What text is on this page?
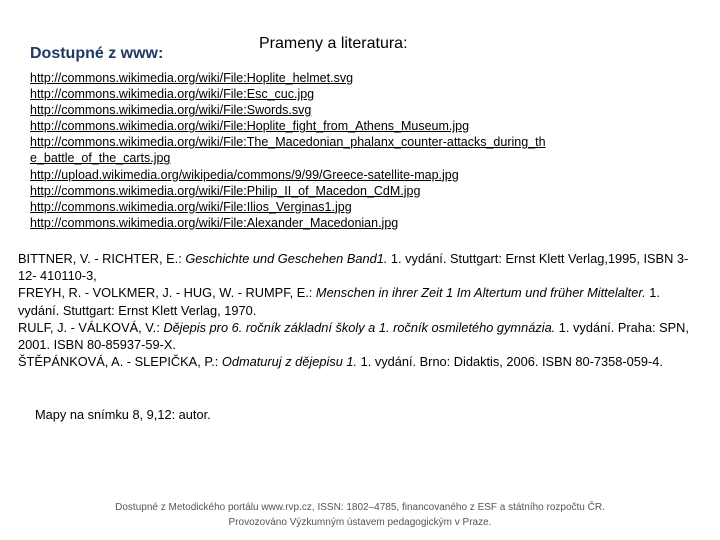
Prameny a literatura:
Dostupné z www:
http://commons.wikimedia.org/wiki/File:Hoplite_helmet.svg
http://commons.wikimedia.org/wiki/File:Esc_cuc.jpg
http://commons.wikimedia.org/wiki/File:Swords.svg
http://commons.wikimedia.org/wiki/File:Hoplite_fight_from_Athens_Museum.jpg
http://commons.wikimedia.org/wiki/File:The_Macedonian_phalanx_counter-attacks_during_the_battle_of_the_carts.jpg
http://upload.wikimedia.org/wikipedia/commons/9/99/Greece-satellite-map.jpg
http://commons.wikimedia.org/wiki/File:Philip_II_of_Macedon_CdM.jpg
http://commons.wikimedia.org/wiki/File:Ilios_Verginas1.jpg
http://commons.wikimedia.org/wiki/File:Alexander_Macedonian.jpg

BITTNER, V. - RICHTER, E.: Geschichte und Geschehen Band1. 1. vydání. Stuttgart: Ernst Klett Verlag,1995, ISBN 3-12- 410110-3,

FREYH, R. - VOLKMER, J. - HUG, W. - RUMPF, E.: Menschen in ihrer Zeit 1 Im Altertum und früher Mittelalter. 1. vydání. Stuttgart: Ernst Klett Verlag, 1970.

RULF, J. - VÁLKOVÁ, V.: Dějepis pro 6. ročník základní školy a 1. ročník osmiletého gymnázia. 1. vydání. Praha: SPN, 2001. ISBN 80-85937-59-X.

ŠTĚPÁNKOVÁ, A. - SLEPIČKA, P.: Odmaturuj z dějepisu 1. 1. vydání. Brno: Didaktis, 2006. ISBN 80-7358-059-4.

Mapy na snímku 8, 9,12: autor.
Dostupné z Metodického portálu www.rvp.cz, ISSN: 1802–4785, financovaného z ESF a státního rozpočtu ČR.
Provozováno Výzkumným ústavem pedagogickým v Praze.
